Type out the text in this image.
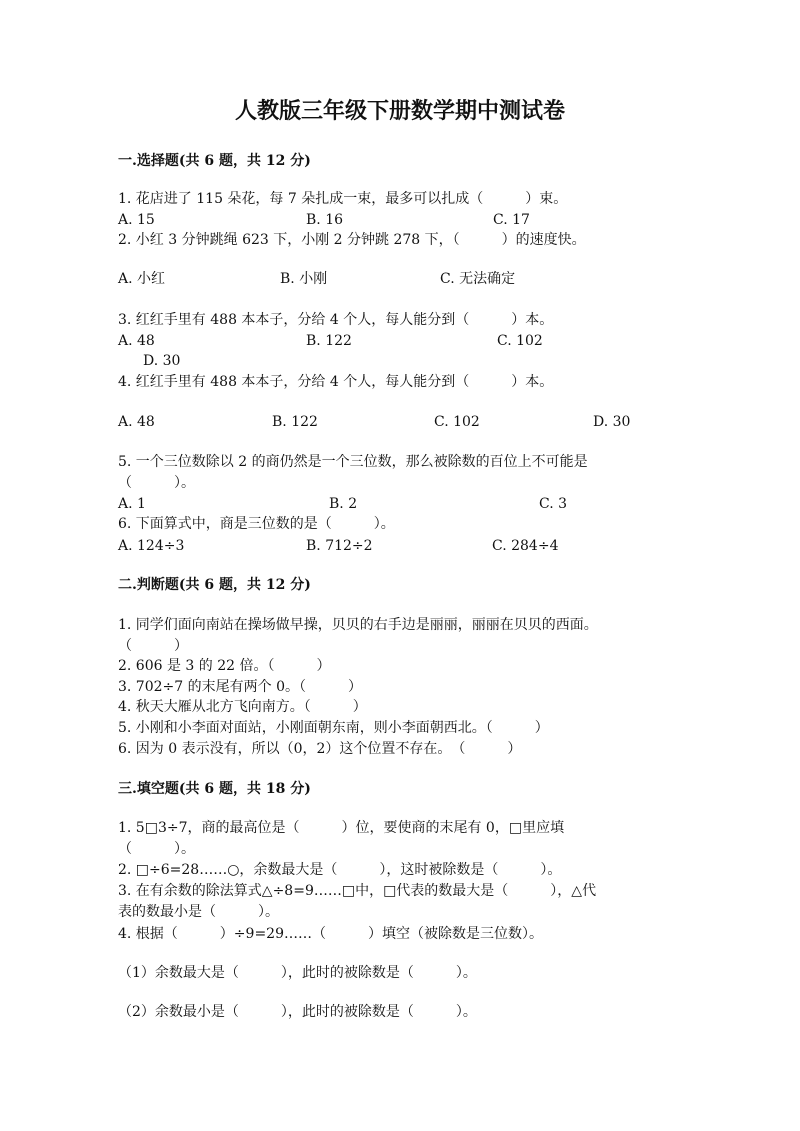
人教版三年级下册数学期中测试卷
一.选择题(共 6 题，共 12 分)
1. 花店进了 115 朵花，每 7 朵扎成一束，最多可以扎成（　　　）束。
A. 15	B. 16	C. 17
2. 小红 3 分钟跳绳 623 下，小刚 2 分钟跳 278 下，（　　　）的速度快。
A. 小红	B. 小刚	C. 无法确定
3. 红红手里有 488 本本子，分给 4 个人，每人能分到（　　　）本。
A. 48	B. 122	C. 102
D. 30
4. 红红手里有 488 本本子，分给 4 个人，每人能分到（　　　）本。
A. 48	B. 122	C. 102	D. 30
5. 一个三位数除以 2 的商仍然是一个三位数，那么被除数的百位上不可能是
（　　　）。
A. 1	B. 2	C. 3
6. 下面算式中，商是三位数的是（　　　）。
A. 124÷3	B. 712÷2	C. 284÷4
二.判断题(共 6 题，共 12 分)
1. 同学们面向南站在操场做早操，贝贝的右手边是丽丽，丽丽在贝贝的西面。
（　　　）
2. 606 是 3 的 22 倍。（　　　）
3. 702÷7 的末尾有两个 0。（　　　）
4. 秋天大雁从北方飞向南方。（　　　）
5. 小刚和小李面对面站，小刚面朝东南，则小李面朝西北。（　　　）
6. 因为 0 表示没有，所以（0，2）这个位置不存在。　（　　　）
三.填空题(共 6 题，共 18 分)
1. 5□3÷7，商的最高位是（　　　）位，要使商的末尾有 0，□里应填
（　　　）。
2. □÷6=28……○，余数最大是（　　　），这时被除数是（　　　）。
3. 在有余数的除法算式△÷8=9……□中，□代表的数最大是（　　　），△代
表的数最小是（　　　）。
4. 根据（　　　）÷9=29……（　　　）填空（被除数是三位数）。
（1）余数最大是（　　　），此时的被除数是（　　　）。
（2）余数最小是（　　　），此时的被除数是（　　　）。
